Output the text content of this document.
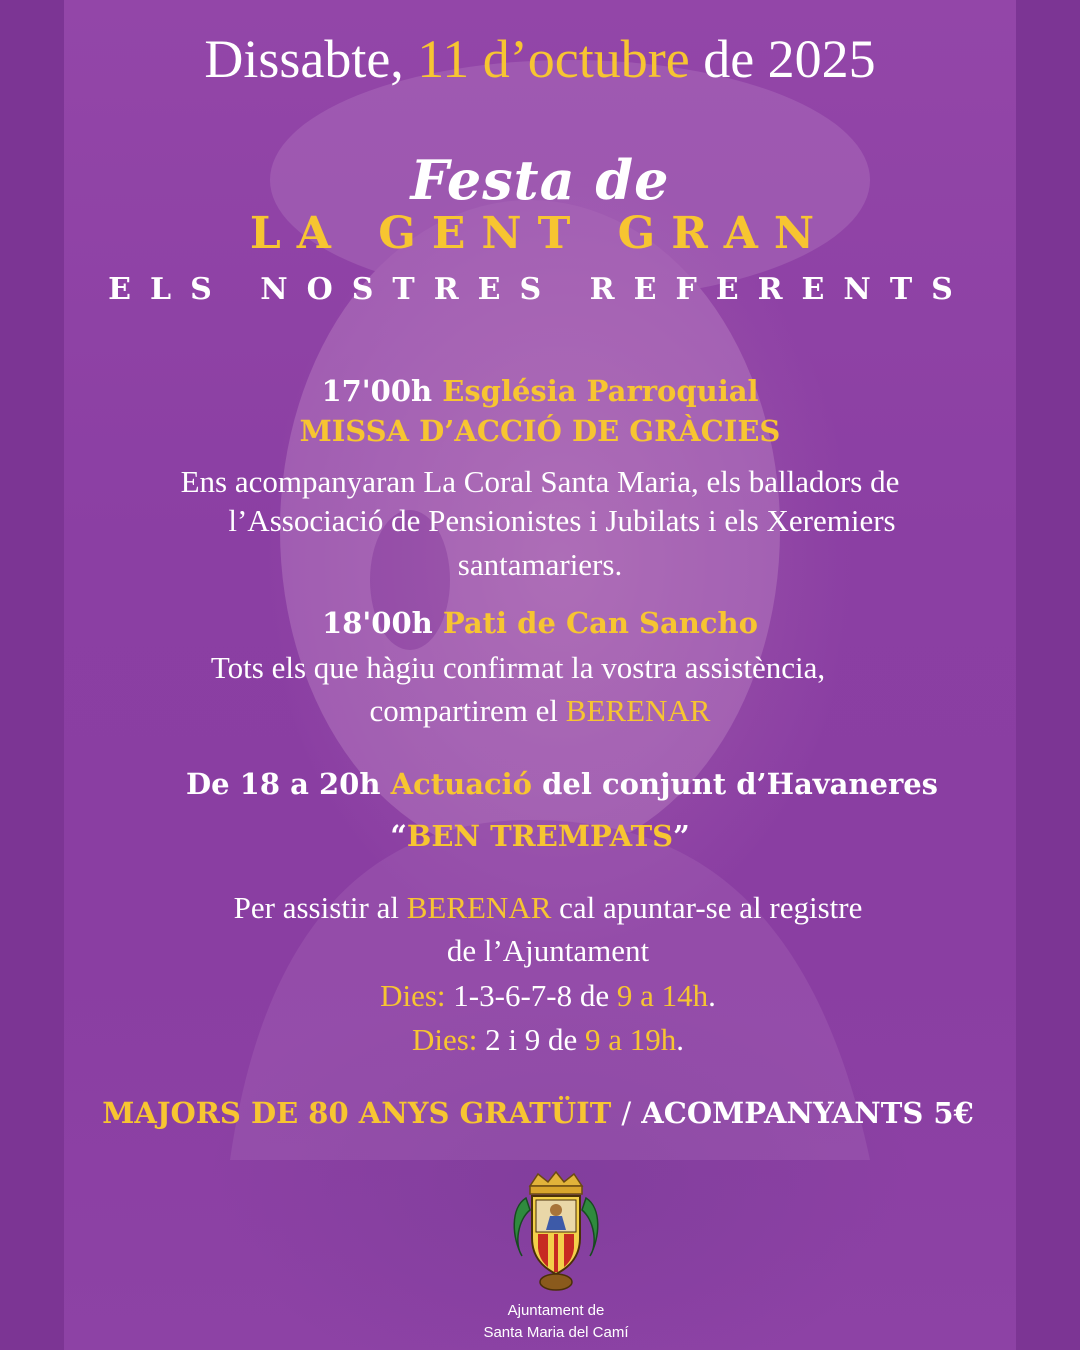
Dissabte, 11 d’octubre de 2025
Festa de
LA GENT GRAN
ELS NOSTRES REFERENTS
17'00h Església Parroquial
MISSA D’ACCIÓ DE GRÀCIES
Ens acompanyaran La Coral Santa Maria, els balladors de
l’Associació de Pensionistes i Jubilats i els Xeremiers
santamariers.
18'00h Pati de Can Sancho
Tots els que hàgiu confirmat la vostra assistència,
compartirem el BERENAR
De 18 a 20h Actuació del conjunt d’Havaneres
“BEN TREMPATS”
Per assistir al BERENAR cal apuntar-se al registre
de l’Ajuntament
Dies: 1-3-6-7-8 de 9 a 14h.
Dies: 2 i 9 de 9 a 19h.
MAJORS DE 80 ANYS GRATÜIT / ACOMPANYANTS 5€
Ajuntament de
Santa Maria del Camí
